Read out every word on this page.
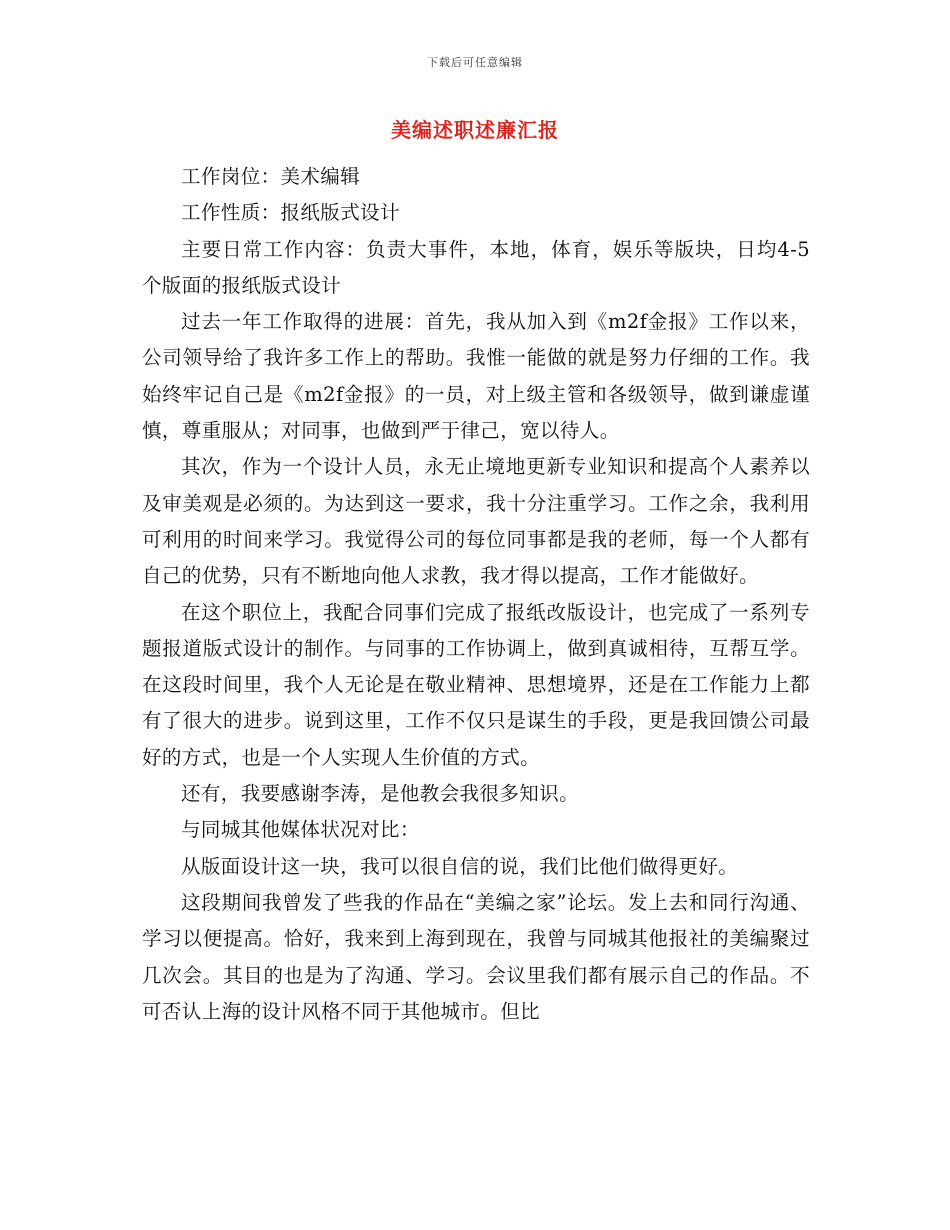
下载后可任意编辑
美编述职述廉汇报

工作岗位：美术编辑

工作性质：报纸版式设计

主要日常工作内容：负责大事件，本地，体育，娱乐等版块，日均4-5个版面的报纸版式设计

过去一年工作取得的进展：首先，我从加入到《m2f金报》工作以来，公司领导给了我许多工作上的帮助。我惟一能做的就是努力仔细的工作。我始终牢记自己是《m2f金报》的一员，对上级主管和各级领导，做到谦虚谨慎，尊重服从；对同事，也做到严于律己，宽以待人。

其次，作为一个设计人员，永无止境地更新专业知识和提高个人素养以及审美观是必须的。为达到这一要求，我十分注重学习。工作之余，我利用可利用的时间来学习。我觉得公司的每位同事都是我的老师，每一个人都有自己的优势，只有不断地向他人求教，我才得以提高，工作才能做好。

在这个职位上，我配合同事们完成了报纸改版设计，也完成了一系列专题报道版式设计的制作。与同事的工作协调上，做到真诚相待，互帮互学。在这段时间里，我个人无论是在敬业精神、思想境界，还是在工作能力上都有了很大的进步。说到这里，工作不仅只是谋生的手段，更是我回馈公司最好的方式，也是一个人实现人生价值的方式。

还有，我要感谢李涛，是他教会我很多知识。

与同城其他媒体状况对比：

从版面设计这一块，我可以很自信的说，我们比他们做得更好。

这段期间我曾发了些我的作品在“美编之家”论坛。发上去和同行沟通、学习以便提高。恰好，我来到上海到现在，我曾与同城其他报社的美编聚过几次会。其目的也是为了沟通、学习。会议里我们都有展示自己的作品。不可否认上海的设计风格不同于其他城市。但比
